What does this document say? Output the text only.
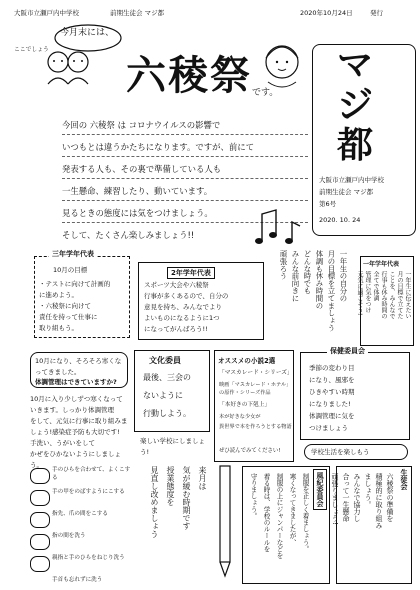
大阪市立瀬戸内中学校	前期生徒会 マジ都	2020年10月24日	発行
今月末には、
ここでしょう
六稜祭 です。
今回の 六稜祭 は コロナウイルスの影響で
いつもとは違うかたちになります。ですが、前にて
発表する人も、その裏で準備している人も
一生懸命、練習したり、動いています。
見るときの態度には気をつけましょう。
そして、たくさん楽しみましょう!!
マ
ジ
都
大阪市立瀬戸内中学校
前期生徒会 マジ都
第6号
2020. 10. 24
三年学年代表
10月の目標
・テストに向けて計画的
に進めよう。
・六稜祭に向けて
責任を持って仕事に
取り組もう。
2年学年代表
スポーツ大会や六稜祭
行事が多くあるので、自分の
意見を持ち、みんなでより
よいものになるように1つ
になってがんばろう!!
一年生の自分の
月の目標を立てましょう
体調も休み時間の
どんな時でも
みんな前向きに
頑張ろう	一年学年代表
一年生に伝えたい
月の目標で立てた
ことを、みんなで
行事も休み時間の
全てで体調
管理に気をつけ
元気に過ごそう!
10月になり、そろそろ寒くなってきました。
体調管理はできていますか?
10月に入り少しずつ寒くなって
いきます。しっかり体調管理
をして、元気に行事に取り組みま
しょう!感染症予防も大切です!
手洗い、うがいをして
かぜをひかないようにしましょう。
手のひらを合わせて、よくこする
手の甲をのばすようにこする
指先、爪の間をこする
指の間を洗う
親指と手のひらをねじり洗う
手首も忘れずに洗う
文化委員
最後、三会の
ないように
行動しよう。
楽しい学校にしましょう!
オススメの小説2選
「マスカレード・シリーズ」
映画「マスカレード・ホテル」の原作・シリーズ作品
「本好きの下剋上」
本が好きな少女が
異世界で本を作ろうとする物語
ぜひ読んでみてください!
保健委員会
季節の変わり目
になり、風邪を
ひきやすい時期
になりました!
体調管理に気を
つけましょう
学校生活を楽しもう
来月は
気が緩む時期です
授業態度を
見直し改めましょう	風紀委員会
制服を正しく着ましょう。
寒くなってきましたが、
制服の上にジャンパーなどを
着る時は、学校のルールを
守りましょう。	生徒会
六稜祭の準備を
積極的に取り組み
ましょう。
みんなで協力し
合って一生懸命
頑張りましょう!
